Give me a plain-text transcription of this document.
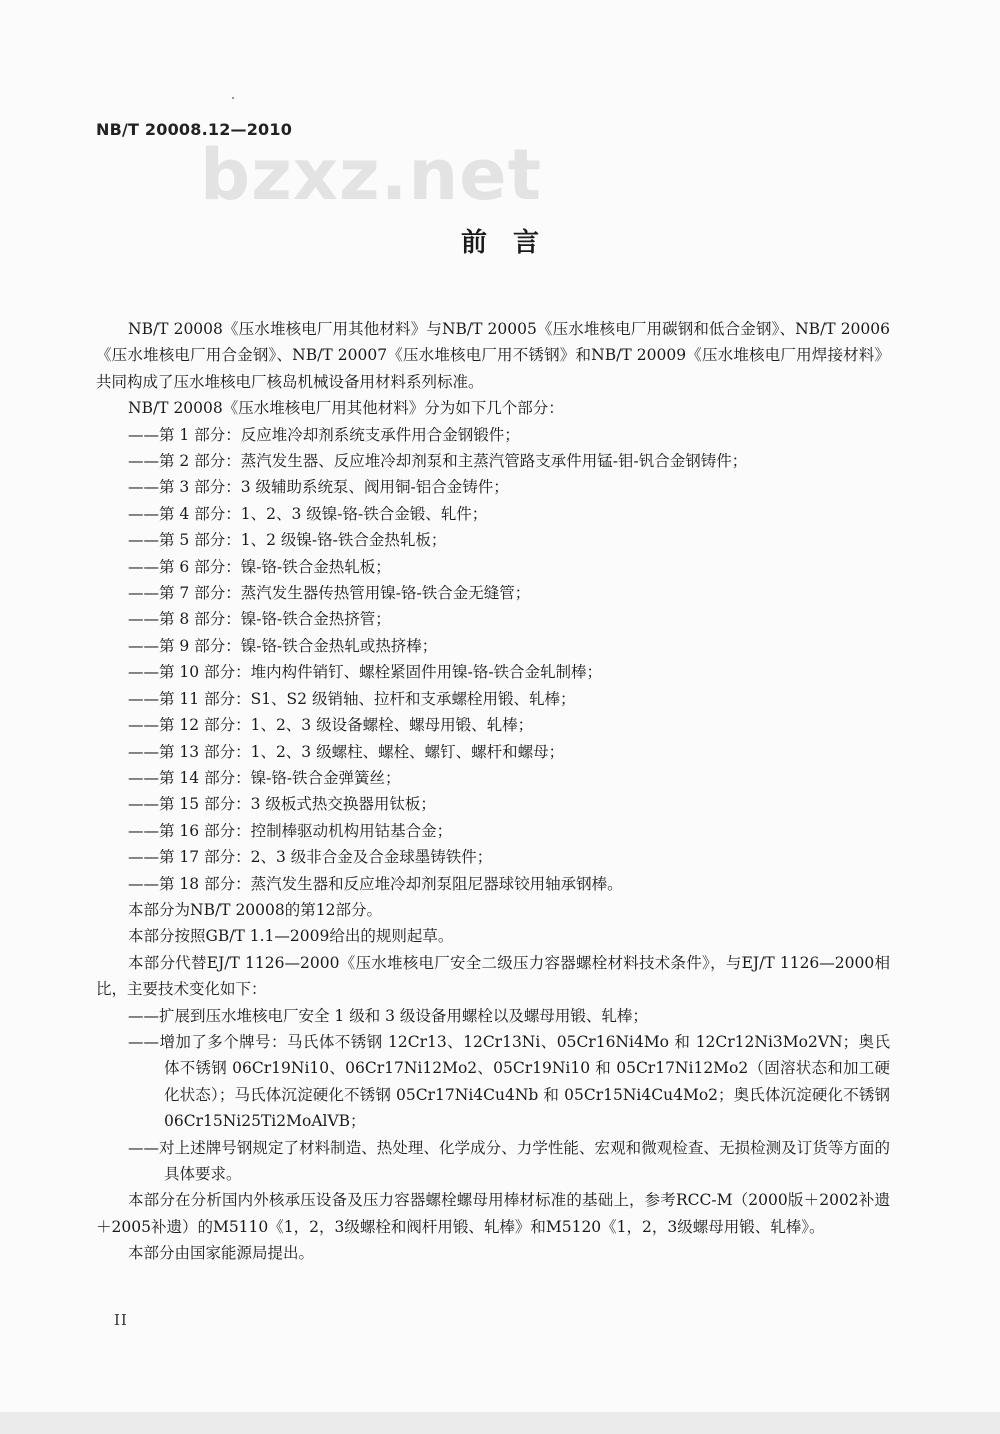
NB/T 20008.12—2010
bzxz.net
前　言

NB/T 20008《压水堆核电厂用其他材料》与NB/T 20005《压水堆核电厂用碳钢和低合金钢》、NB/T 20006《压水堆核电厂用合金钢》、NB/T 20007《压水堆核电厂用不锈钢》和NB/T 20009《压水堆核电厂用焊接材料》共同构成了压水堆核电厂核岛机械设备用材料系列标准。

NB/T 20008《压水堆核电厂用其他材料》分为如下几个部分：

——第 1 部分：反应堆冷却剂系统支承件用合金钢锻件；

——第 2 部分：蒸汽发生器、反应堆冷却剂泵和主蒸汽管路支承件用锰-钼-钒合金钢铸件；

——第 3 部分：3 级辅助系统泵、阀用铜-铝合金铸件；

——第 4 部分：1、2、3 级镍-铬-铁合金锻、轧件；

——第 5 部分：1、2 级镍-铬-铁合金热轧板；

——第 6 部分：镍-铬-铁合金热轧板；

——第 7 部分：蒸汽发生器传热管用镍-铬-铁合金无缝管；

——第 8 部分：镍-铬-铁合金热挤管；

——第 9 部分：镍-铬-铁合金热轧或热挤棒；

——第 10 部分：堆内构件销钉、螺栓紧固件用镍-铬-铁合金轧制棒；

——第 11 部分：S1、S2 级销轴、拉杆和支承螺栓用锻、轧棒；

——第 12 部分：1、2、3 级设备螺栓、螺母用锻、轧棒；

——第 13 部分：1、2、3 级螺柱、螺栓、螺钉、螺杆和螺母；

——第 14 部分：镍-铬-铁合金弹簧丝；

——第 15 部分：3 级板式热交换器用钛板；

——第 16 部分：控制棒驱动机构用钴基合金；

——第 17 部分：2、3 级非合金及合金球墨铸铁件；

——第 18 部分：蒸汽发生器和反应堆冷却剂泵阻尼器球铰用轴承钢棒。

本部分为NB/T 20008的第12部分。

本部分按照GB/T 1.1—2009给出的规则起草。

本部分代替EJ/T 1126—2000《压水堆核电厂安全二级压力容器螺栓材料技术条件》，与EJ/T 1126—2000相比，主要技术变化如下：

——扩展到压水堆核电厂安全 1 级和 3 级设备用螺栓以及螺母用锻、轧棒；

——增加了多个牌号：马氏体不锈钢 12Cr13、12Cr13Ni、05Cr16Ni4Mo 和 12Cr12Ni3Mo2VN；奥氏体不锈钢 06Cr19Ni10、06Cr17Ni12Mo2、05Cr19Ni10 和 05Cr17Ni12Mo2（固溶状态和加工硬化状态）；马氏体沉淀硬化不锈钢 05Cr17Ni4Cu4Nb 和 05Cr15Ni4Cu4Mo2；奥氏体沉淀硬化不锈钢 06Cr15Ni25Ti2MoAlVB；

——对上述牌号钢规定了材料制造、热处理、化学成分、力学性能、宏观和微观检查、无损检测及订货等方面的具体要求。

本部分在分析国内外核承压设备及压力容器螺栓螺母用棒材标准的基础上，参考RCC-M（2000版＋2002补遗＋2005补遗）的M5110《1，2，3级螺栓和阀杆用锻、轧棒》和M5120《1，2，3级螺母用锻、轧棒》。

本部分由国家能源局提出。

II
